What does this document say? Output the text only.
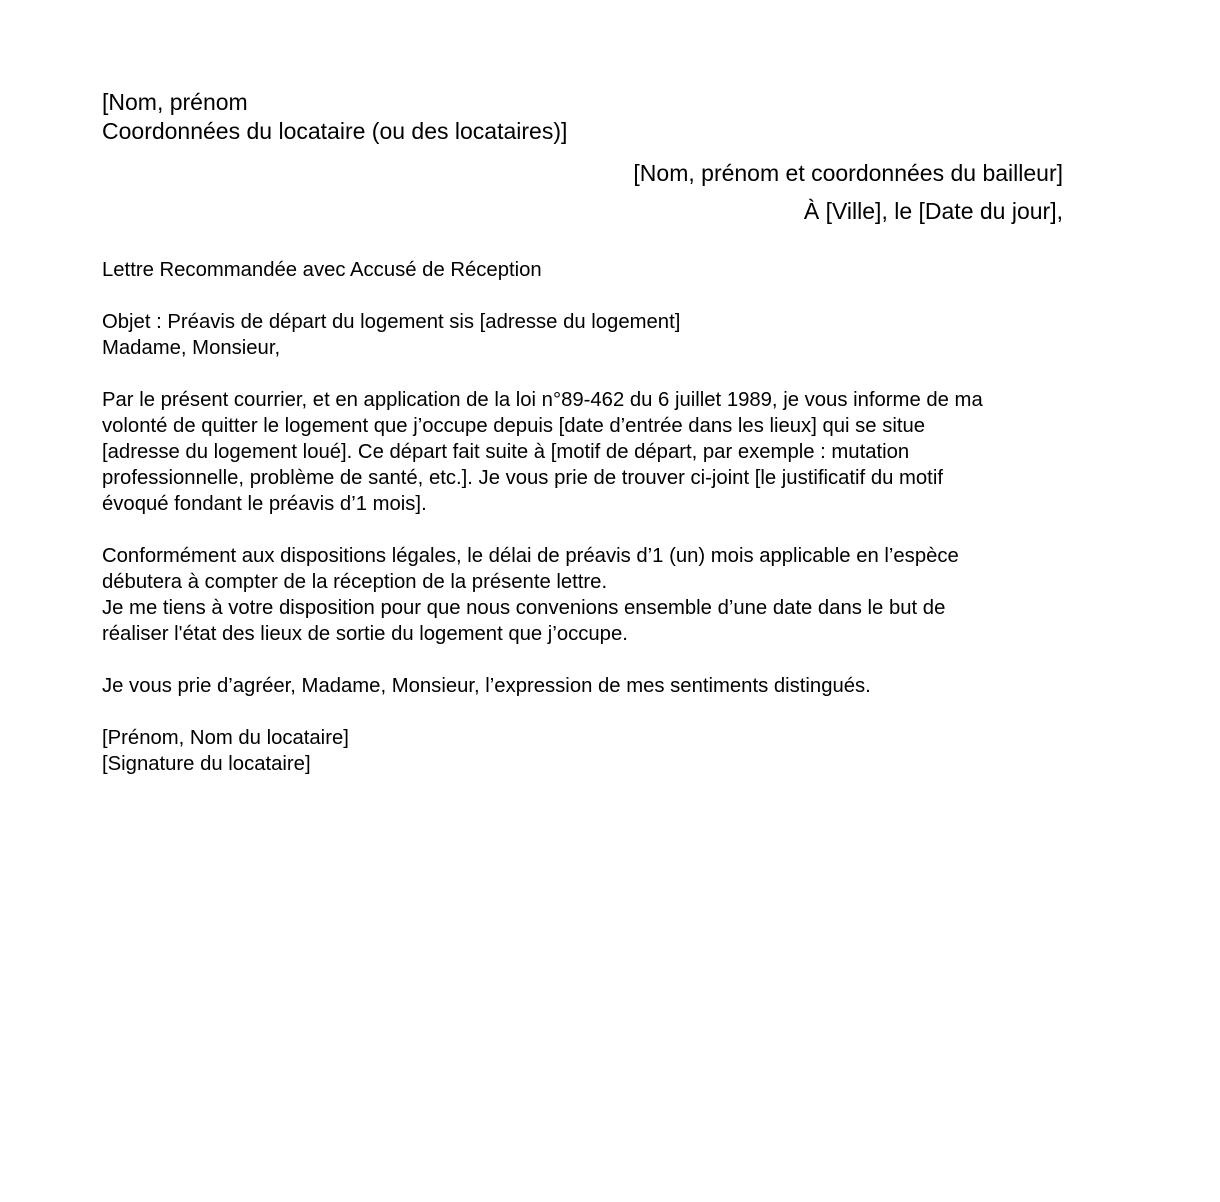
[Nom, prénom
Coordonnées du locataire (ou des locataires)]
[Nom, prénom et coordonnées du bailleur]
À [Ville], le [Date du jour],
Lettre Recommandée avec Accusé de Réception
Objet : Préavis de départ du logement sis [adresse du logement]
Madame, Monsieur,
Par le présent courrier, et en application de la loi n°89-462 du 6 juillet 1989, je vous informe de ma
volonté de quitter le logement que j’occupe depuis [date d’entrée dans les lieux] qui se situe
[adresse du logement loué]. Ce départ fait suite à [motif de départ, par exemple : mutation
professionnelle, problème de santé, etc.]. Je vous prie de trouver ci-joint [le justificatif du motif
évoqué fondant le préavis d’1 mois].
Conformément aux dispositions légales, le délai de préavis d’1 (un) mois applicable en l’espèce
débutera à compter de la réception de la présente lettre.
Je me tiens à votre disposition pour que nous convenions ensemble d’une date dans le but de
réaliser l'état des lieux de sortie du logement que j’occupe.
Je vous prie d’agréer, Madame, Monsieur, l’expression de mes sentiments distingués.
[Prénom, Nom du locataire]
[Signature du locataire]
